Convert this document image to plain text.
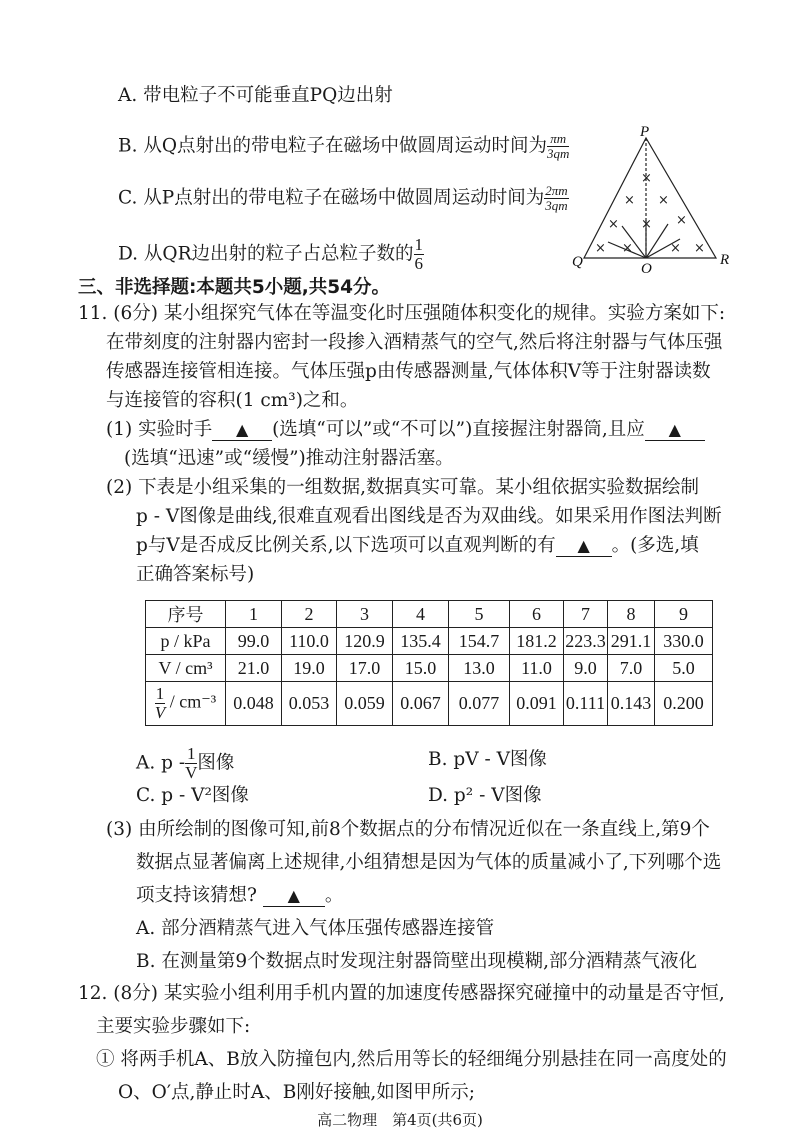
A. 带电粒子不可能垂直PQ边出射
B. 从Q点射出的带电粒子在磁场中做圆周运动时间为 $\frac{\pi m}{3qm}$
C. 从P点射出的带电粒子在磁场中做圆周运动时间为 $\frac{2\pi m}{3qm}$
D. 从QR边出射的粒子占总粒子数的 $\frac{1}{6}$
×
× ×
× × ×
× ×	× ×
P
Q	R
O
三、非选择题:本题共5小题,共54分。
11. (6分) 某小组探究气体在等温变化时压强随体积变化的规律。实验方案如下:
在带刻度的注射器内密封一段掺入酒精蒸气的空气,然后将注射器与气体压强
传感器连接管相连接。气体压强p由传感器测量,气体体积V等于注射器读数
与连接管的容积(1 cm³)之和。
(1) 实验时手 ▲ (选填“可以”或“不可以”)直接握注射器筒,且应 ▲
(选填“迅速”或“缓慢”)推动注射器活塞。
(2) 下表是小组采集的一组数据,数据真实可靠。某小组依据实验数据绘制
p - V图像是曲线,很难直观看出图线是否为双曲线。如果采用作图法判断
p与V是否成反比例关系,以下选项可以直观判断的有 ▲ 。(多选,填
正确答案标号)
序号	1	2	3	4	5	6	7	8	9
p / kPa	99.0	110.0	120.9	135.4	154.7	181.2	223.3	291.1	330.0
V / cm³	21.0	19.0	17.0	15.0	13.0	11.0	9.0	7.0	5.0

$\frac{1}{V} / cm^{-3}$	0.048	0.053	0.059	0.067	0.077	0.091	0.111	0.143	0.200
A. p - $\frac{1}{V}$ 图像	B. pV - V图像
C. p - V²图像	D. p² - V图像
(3) 由所绘制的图像可知,前8个数据点的分布情况近似在一条直线上,第9个
数据点显著偏离上述规律,小组猜想是因为气体的质量减小了,下列哪个选
项支持该猜想? ▲ 。
A. 部分酒精蒸气进入气体压强传感器连接管
B. 在测量第9个数据点时发现注射器筒壁出现模糊,部分酒精蒸气液化
12. (8分) 某实验小组利用手机内置的加速度传感器探究碰撞中的动量是否守恒,
主要实验步骤如下:
① 将两手机A、B放入防撞包内,然后用等长的轻细绳分别悬挂在同一高度处的
O、O′点,静止时A、B刚好接触,如图甲所示;
高二物理　第4页(共6页)
